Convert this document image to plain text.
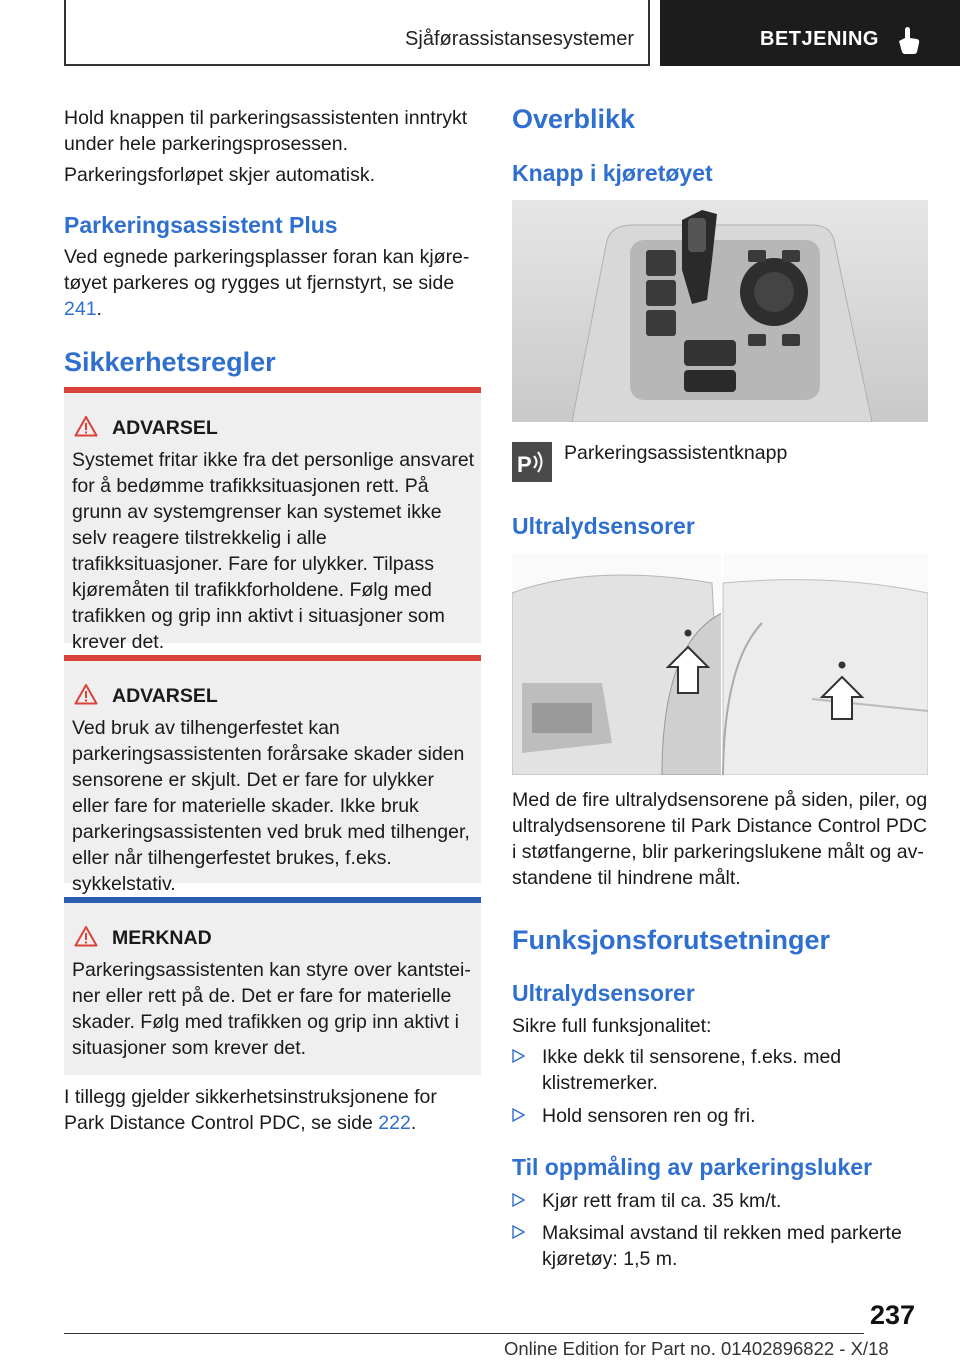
Sjåførassistansesystemer	BETJENING
Hold knappen til parkeringsassistenten inntrykt under hele parkeringsprosessen.
Parkeringsforløpet skjer automatisk.
Parkeringsassistent Plus
Ved egnede parkeringsplasser foran kan kjøretøyet parkeres og rygges ut fjernstyrt, se side 241.
Sikkerhetsregler
ADVARSEL
Systemet fritar ikke fra det personlige ansvaret for å bedømme trafikksituasjonen rett. På grunn av systemgrenser kan systemet ikke selv reagere tilstrekkelig i alle trafikksituasjoner. Fare for ulykker. Tilpass kjøremåten til trafikkforholdene. Følg med trafikken og grip inn aktivt i situasjoner som krever det.
ADVARSEL
Ved bruk av tilhengerfestet kan parkeringsassistenten forårsake skader siden sensorene er skjult. Det er fare for ulykker eller fare for materielle skader. Ikke bruk parkeringsassistenten ved bruk med tilhenger, eller når tilhengerfestet brukes, f.eks. sykkelstativ.
MERKNAD
Parkeringsassistenten kan styre over kantsteiner eller rett på de. Det er fare for materielle skader. Følg med trafikken og grip inn aktivt i situasjoner som krever det.
I tillegg gjelder sikkerhetsinstruksjonene for Park Distance Control PDC, se side 222.
Overblikk
Knapp i kjøretøyet
P Parkeringsassistentknapp
Ultralydsensorer
Med de fire ultralydsensorene på siden, piler, og ultralydsensorene til Park Distance Control PDC i støtfangerne, blir parkeringslukene målt og avstandene til hindrene målt.
Funksjonsforutsetninger
Ultralydsensorer
Sikre full funksjonalitet:
Ikke dekk til sensorene, f.eks. med klistremerker.
Hold sensoren ren og fri.
Til oppmåling av parkeringsluker
Kjør rett fram til ca. 35 km/t.
Maksimal avstand til rekken med parkerte kjøretøy: 1,5 m.
237
Online Edition for Part no. 01402896822 - X/18
